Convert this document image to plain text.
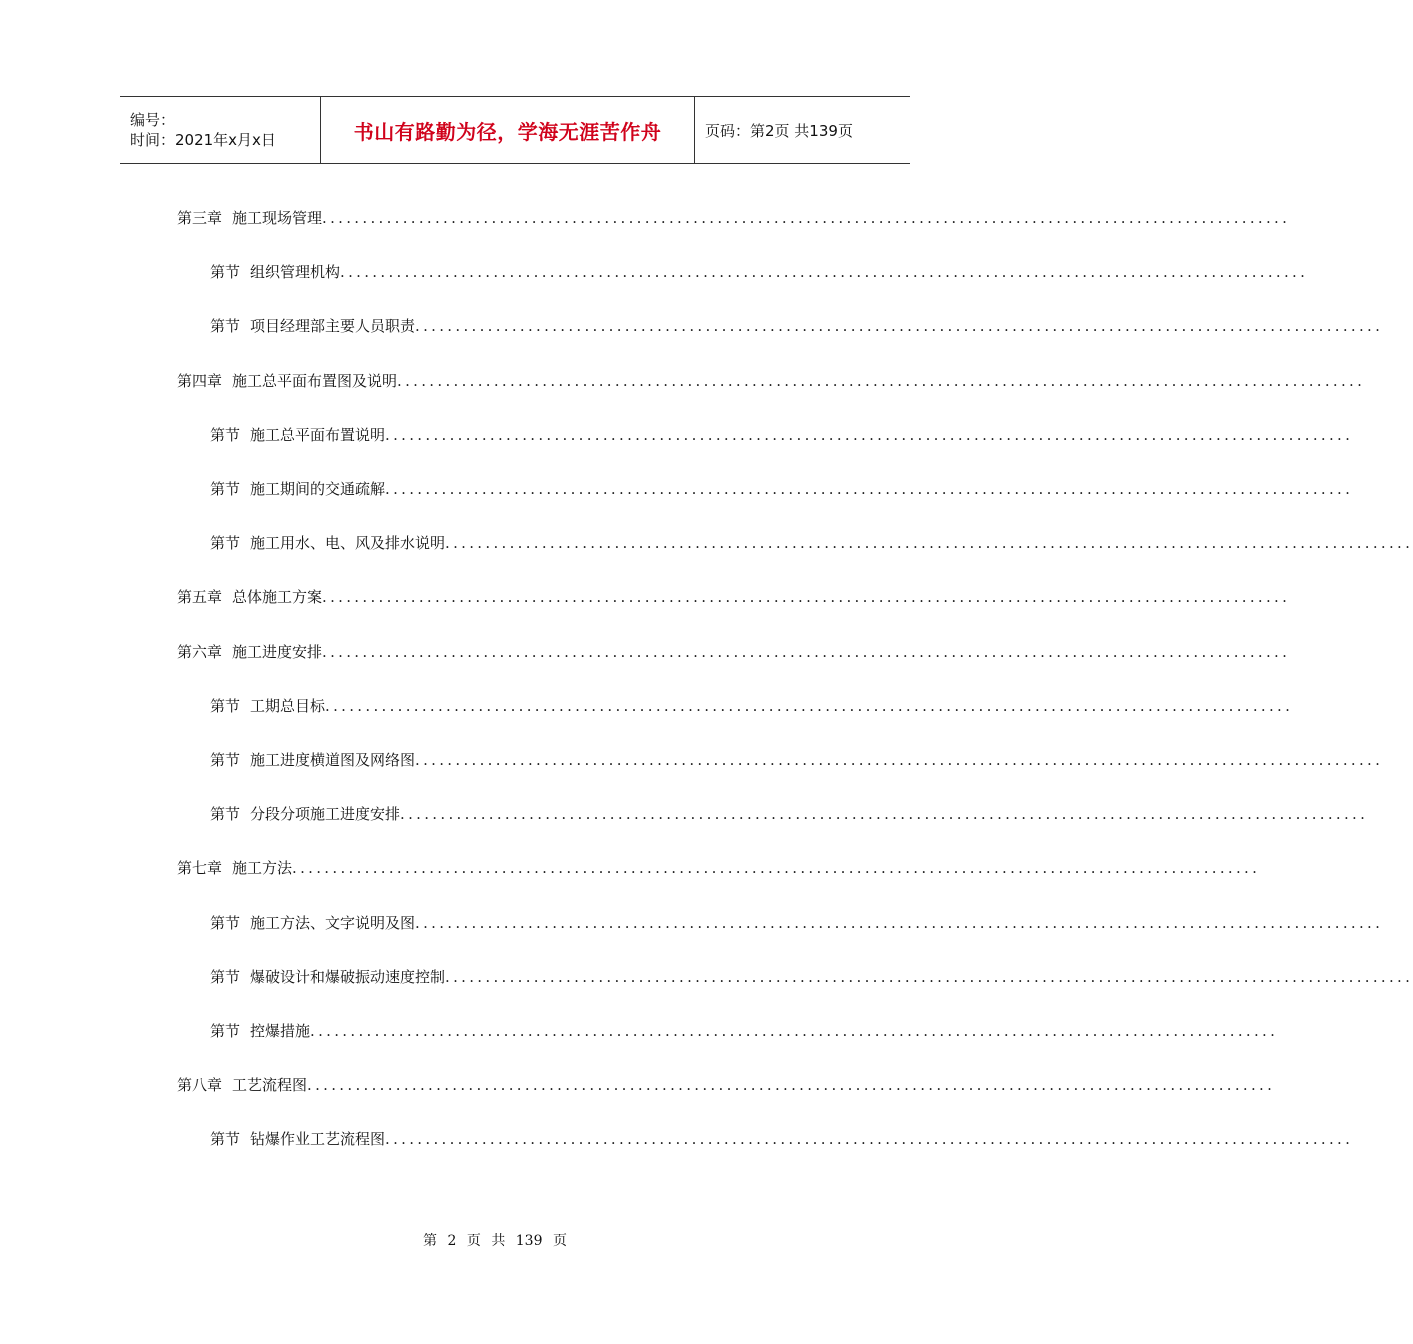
编号：
时间：2021年x月x日	书山有路勤为径，学海无涯苦作舟	页码：第2页 共139页
第三章 施工现场管理 ........................................................................................................................
第节 组织管理机构 ........................................................................................................................
第节 项目经理部主要人员职责 ........................................................................................................................
第四章 施工总平面布置图及说明 ........................................................................................................................
第节 施工总平面布置说明 ........................................................................................................................
第节 施工期间的交通疏解 ........................................................................................................................
第节 施工用水、电、风及排水说明 ........................................................................................................................
第五章 总体施工方案 ........................................................................................................................
第六章 施工进度安排 ........................................................................................................................
第节 工期总目标 ........................................................................................................................
第节 施工进度横道图及网络图 ........................................................................................................................
第节 分段分项施工进度安排 ........................................................................................................................
第七章 施工方法 ........................................................................................................................
第节 施工方法、文字说明及图 ........................................................................................................................
第节 爆破设计和爆破振动速度控制 ........................................................................................................................
第节 控爆措施 ........................................................................................................................
第八章 工艺流程图 ........................................................................................................................
第节 钻爆作业工艺流程图 ........................................................................................................................
第 2 页 共 139 页
